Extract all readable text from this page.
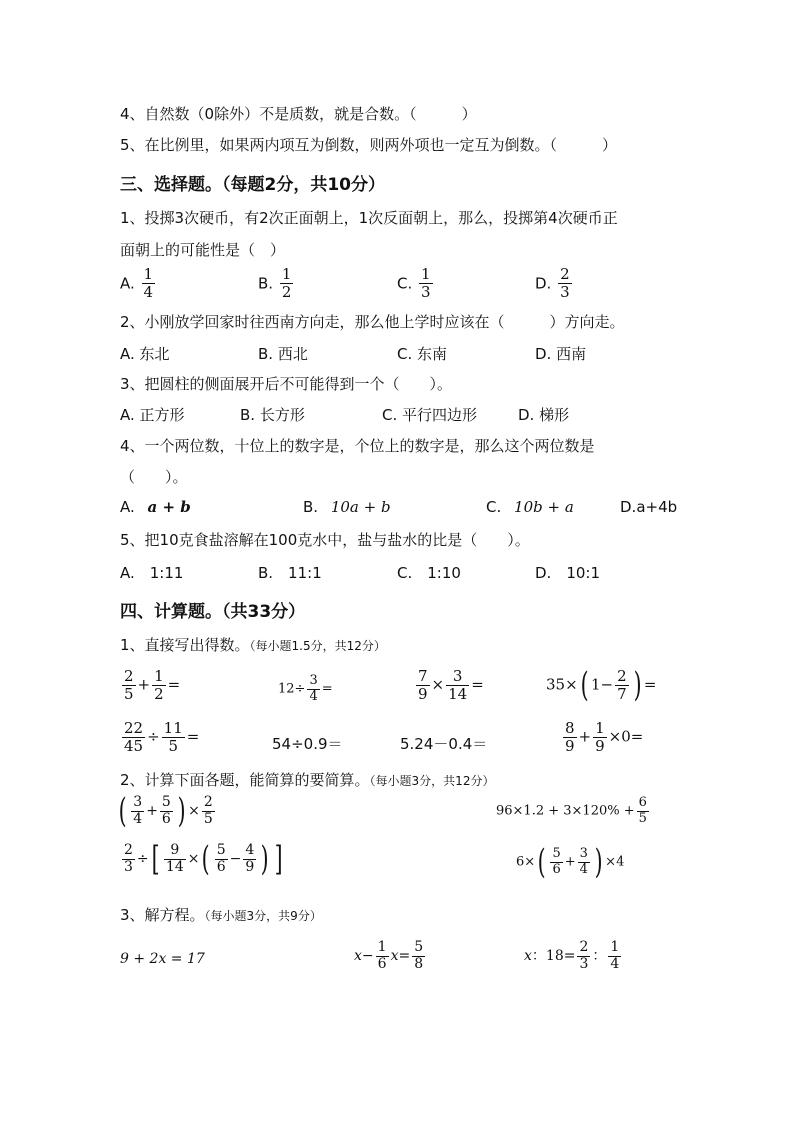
4、自然数（0除外）不是质数，就是合数。（　　　）
5、在比例里，如果两内项互为倒数，则两外项也一定互为倒数。（　　　）
三、选择题。（每题2分，共10分）
1、投掷3次硬币，有2次正面朝上，1次反面朝上，那么，投掷第4次硬币正
面朝上的可能性是（　）
A. $\frac{1}{4}$	B. $\frac{1}{2}$	C. $\frac{1}{3}$	D. $\frac{2}{3}$
2、小刚放学回家时往西南方向走，那么他上学时应该在（　　　）方向走。
A. 东北	B. 西北	C. 东南	D. 西南
3、把圆柱的侧面展开后不可能得到一个（　　）。
A. 正方形	B. 长方形	C. 平行四边形	D. 梯形
4、一个两位数，十位上的数字是，个位上的数字是，那么这个两位数是
（　　）。
A. a + b	B. 10a + b	C. 10b + a	D.a+4b
5、把10克食盐溶解在100克水中，盐与盐水的比是（　　）。
A.　1:11	B.　11:1	C.　1:10	D.　10:1
四、计算题。（共33分）
1、直接写出得数。（每小题1.5分，共12分）
$\frac{2}{5} + \frac{1}{2}$ =	$12\div \frac{3}{4}$ =	$\frac{7}{9} \times \frac{3}{14}$ =	35×( $1- \frac{2}{7}$ ) =
$\frac{22}{45} \div \frac{11}{5}$ =	54÷0.9＝	5.24－0.4＝	$\frac{8}{9} + \frac{1}{9} \times 0=$
2、计算下面各题，能简算的要简算。（每小题3分，共12分）
( $\frac{3}{4} + \frac{5}{6}$ ) × $\frac{2}{5}$	$96\times 1.2 + 3\times 120\% + \frac{6}{5}$
$\frac{2}{3}$ ÷[ $\frac{9}{14}$ ×( $\frac{5}{6} - \frac{4}{9}$ ) ]	$6\times( \frac{5}{6} + \frac{3}{4}$ ) ×4
3、解方程。（每小题3分，共9分）
9 + 2x = 17	$x- \frac{1}{6} x= \frac{5}{8}$	x：$18= \frac{2}{3}$ ： $\frac{1}{4}$
